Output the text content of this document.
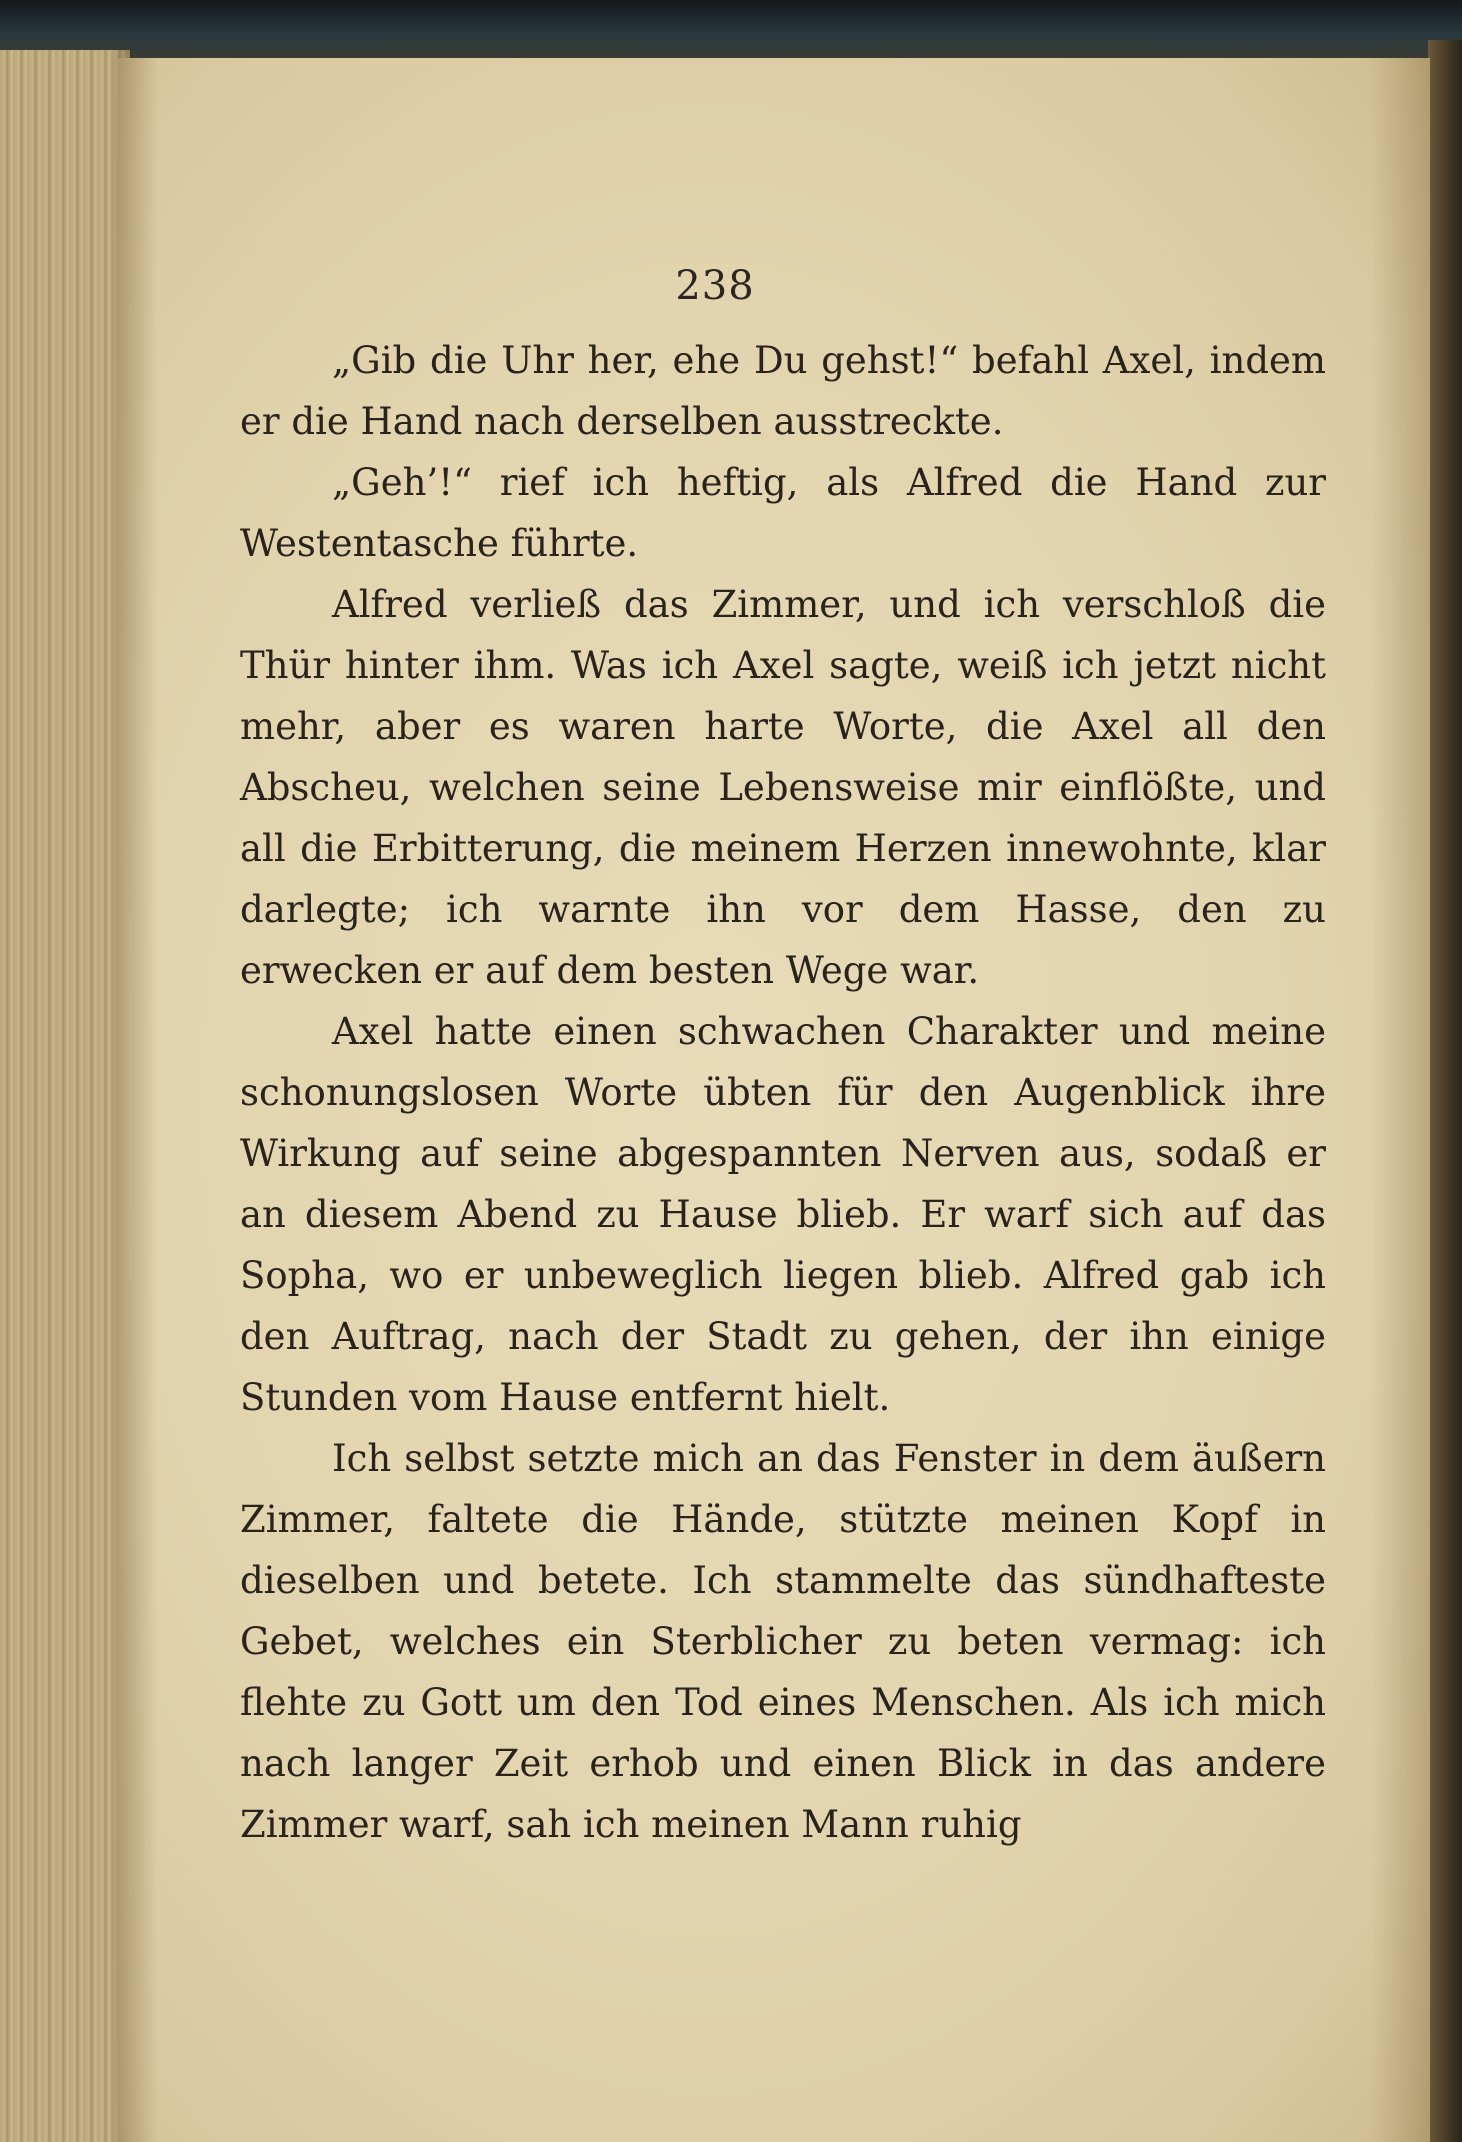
238

„Gib die Uhr her, ehe Du gehst!“ befahl Axel, indem er die Hand nach derselben ausstreckte.

„Geh’!“ rief ich heftig, als Alfred die Hand zur Westentasche führte.

Alfred verließ das Zimmer, und ich verschloß die Thür hinter ihm. Was ich Axel sagte, weiß ich jetzt nicht mehr, aber es waren harte Worte, die Axel all den Abscheu, welchen seine Lebensweise mir einflößte, und all die Erbitterung, die meinem Herzen innewohnte, klar darlegte; ich warnte ihn vor dem Hasse, den zu erwecken er auf dem besten Wege war.

Axel hatte einen schwachen Charakter und meine schonungslosen Worte übten für den Augenblick ihre Wirkung auf seine abgespannten Nerven aus, sodaß er an diesem Abend zu Hause blieb. Er warf sich auf das Sopha, wo er unbeweglich liegen blieb. Alfred gab ich den Auftrag, nach der Stadt zu gehen, der ihn einige Stunden vom Hause entfernt hielt.

Ich selbst setzte mich an das Fenster in dem äußern Zimmer, faltete die Hände, stützte meinen Kopf in dieselben und betete. Ich stammelte das sündhafteste Gebet, welches ein Sterblicher zu beten vermag: ich flehte zu Gott um den Tod eines Menschen. Als ich mich nach langer Zeit erhob und einen Blick in das andere Zimmer warf, sah ich meinen Mann ruhig
